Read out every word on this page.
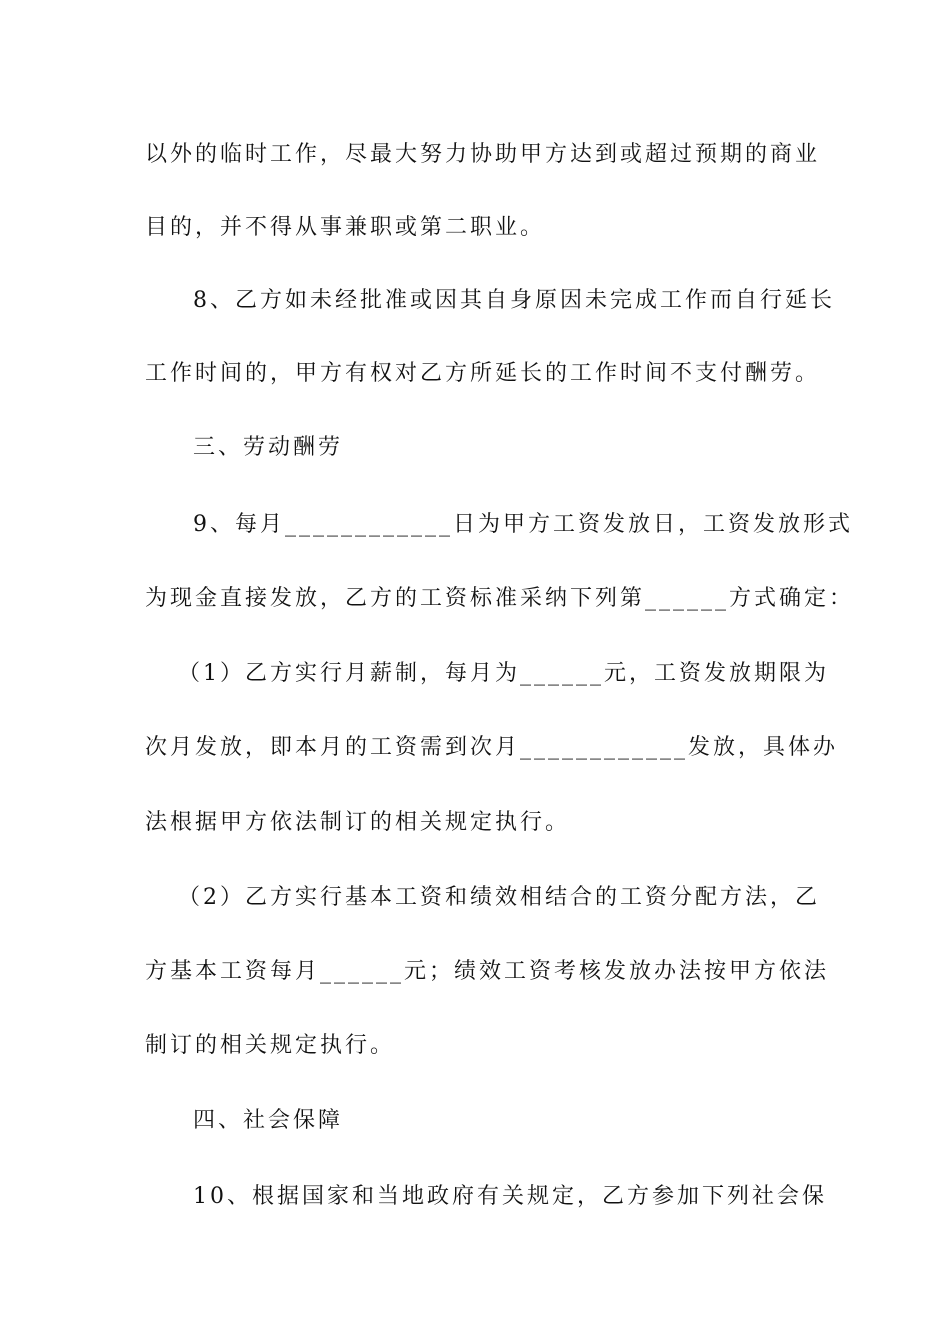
以外的临时工作，尽最大努力协助甲方达到或超过预期的商业
目的，并不得从事兼职或第二职业。
8、乙方如未经批准或因其自身原因未完成工作而自行延长
工作时间的，甲方有权对乙方所延长的工作时间不支付酬劳。
三、劳动酬劳
9、每月____________日为甲方工资发放日，工资发放形式
为现金直接发放，乙方的工资标准采纳下列第______方式确定：
（1）乙方实行月薪制，每月为______元，工资发放期限为
次月发放，即本月的工资需到次月____________发放，具体办
法根据甲方依法制订的相关规定执行。
（2）乙方实行基本工资和绩效相结合的工资分配方法，乙
方基本工资每月______元；绩效工资考核发放办法按甲方依法
制订的相关规定执行。
四、社会保障
10、根据国家和当地政府有关规定，乙方参加下列社会保
